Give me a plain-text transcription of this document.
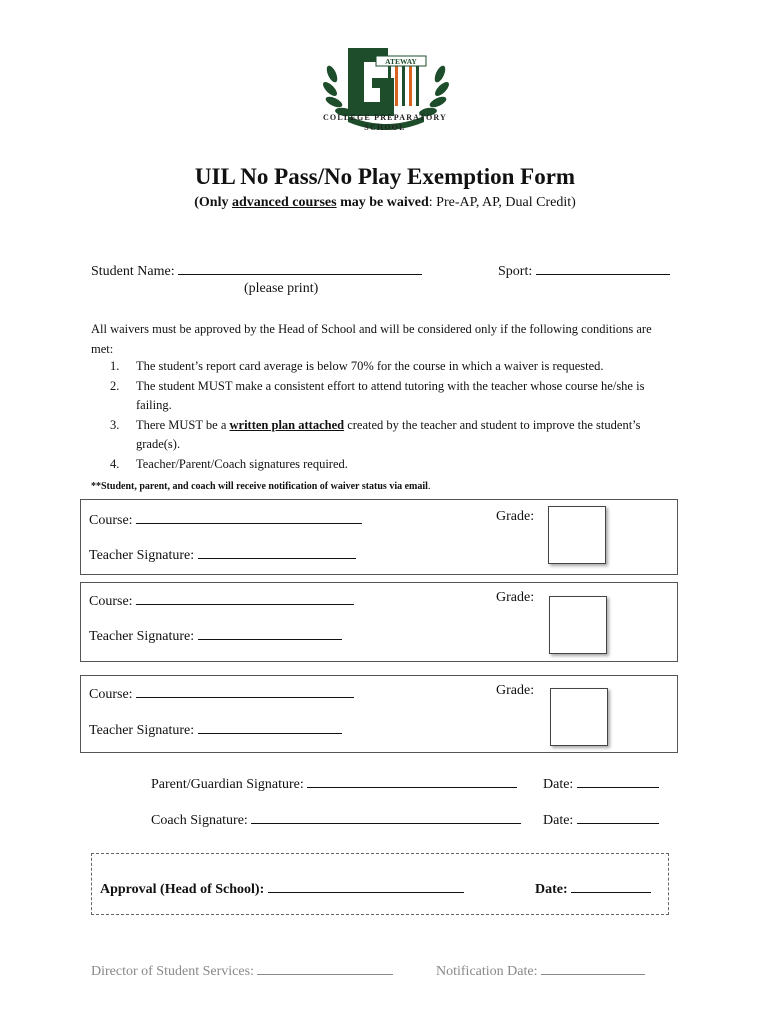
ATEWAY
COLLEGE PREPARATORY
SCHOOL
UIL No Pass/No Play Exemption Form
(Only advanced courses may be waived: Pre-AP, AP, Dual Credit)
Student Name:
(please print)
Sport:
All waivers must be approved by the Head of School and will be considered only if the following conditions are met:
1. The student’s report card average is below 70% for the course in which a waiver is requested.
2. The student MUST make a consistent effort to attend tutoring with the teacher whose course he/she is failing.
3. There MUST be a written plan attached created by the teacher and student to improve the student’s grade(s).
4. Teacher/Parent/Coach signatures required.
**Student, parent, and coach will receive notification of waiver status via email.
Course:	Grade:
Teacher Signature:
Course:	Grade:
Teacher Signature:
Course:	Grade:
Teacher Signature:
Parent/Guardian Signature:	Date:
Coach Signature:	Date:
Approval (Head of School):	Date:
Director of Student Services:	Notification Date:
